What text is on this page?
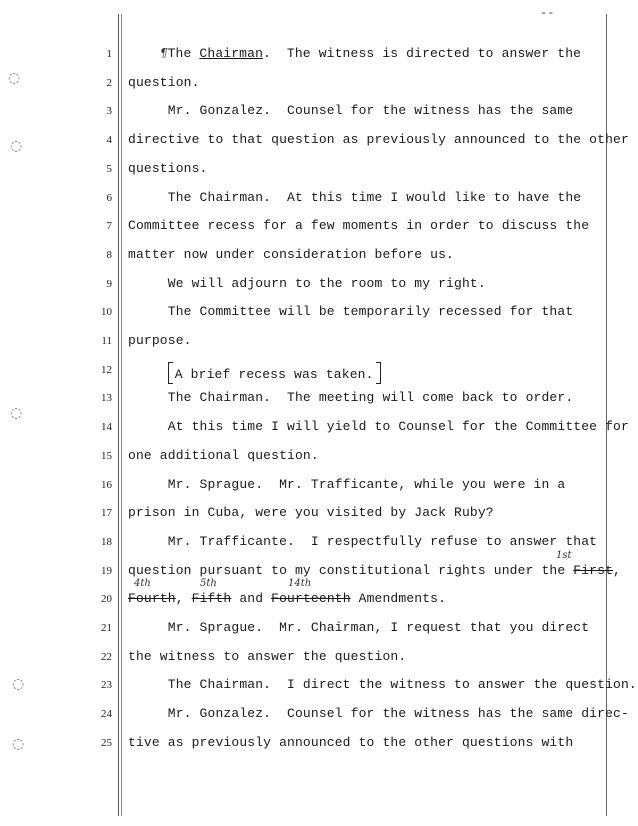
--
◌
◌
◌
◌
◌
1	¶The Chairman.  The witness is directed to answer the
2 question.
3 Mr. Gonzalez.  Counsel for the witness has the same
4 directive to that question as previously announced to the other
5 questions.
6 The Chairman.  At this time I would like to have the
7 Committee recess for a few moments in order to discuss the
8 matter now under consideration before us.
9 We will adjourn to the room to my right.
10 The Committee will be temporarily recessed for that
11 purpose.
12	A brief recess was taken.
13 The Chairman.  The meeting will come back to order.
14 At this time I will yield to Counsel for the Committee for
15 one additional question.
16 Mr. Sprague.  Mr. Trafficante, while you were in a
17 prison in Cuba, were you visited by Jack Ruby?
18 Mr. Trafficante.  I respectfully refuse to answer that
19
1st
question pursuant to my constitutional rights under the First,
20
4th	5th	14th
Fourth, Fifth and Fourteenth Amendments.
21 Mr. Sprague.  Mr. Chairman, I request that you direct
22 the witness to answer the question.
23 The Chairman.  I direct the witness to answer the question.
24 Mr. Gonzalez.  Counsel for the witness has the same direc-
25 tive as previously announced to the other questions with
